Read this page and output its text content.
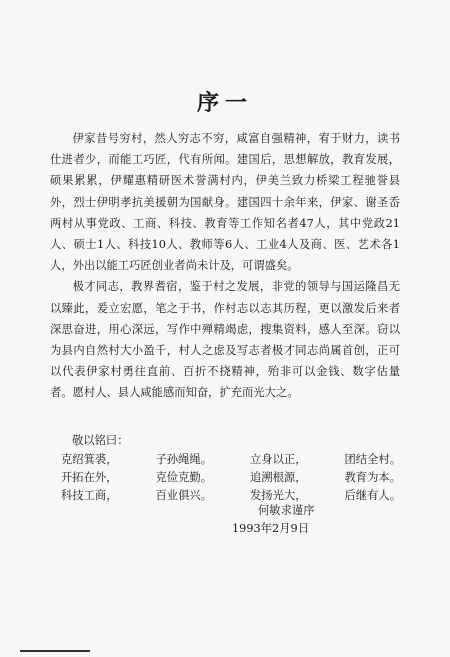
序一

伊家昔号穷村，然人穷志不穷，咸富自强精神，宥于财力，读书仕进者少，而能工巧匠，代有所闻。建国后，思想解放，教育发展，硕果累累，伊耀惠精研医术誉满村内，伊美兰致力桥梁工程驰誉县外，烈士伊明孝抗美援朝为国献身。建国四十余年来，伊家、谢圣岙两村从事党政、工商、科技、教育等工作知名者47人，其中党政21人、硕士1人、科技10人、教师等6人、工业4人及商、医、艺术各1人，外出以能工巧匠创业者尚未计及，可谓盛矣。

极才同志，教界耆宿，鉴于村之发展，非党的领导与国运隆昌无以臻此，爰立宏愿，笔之于书，作村志以志其历程，更以激发后来者深思奋进，用心深远，写作中殚精竭虑，搜集资料，感人至深。窃以为县内自然村大小盈千，村人之虑及写志者极才同志尚属首创，正可以代表伊家村勇往直前、百折不挠精神，殆非可以金钱、数字估量者。愿村人、县人咸能感而知奋，扩充而光大之。

敬以铭曰：
克绍箕裘，	子孙绳绳。	立身以正，	团结全村。
开拓在外，	克俭克勤。	追溯根源，	教育为本。
科技工商，	百业俱兴。	发扬光大，	后继有人。
何敏求谨序
1993年2月9日
